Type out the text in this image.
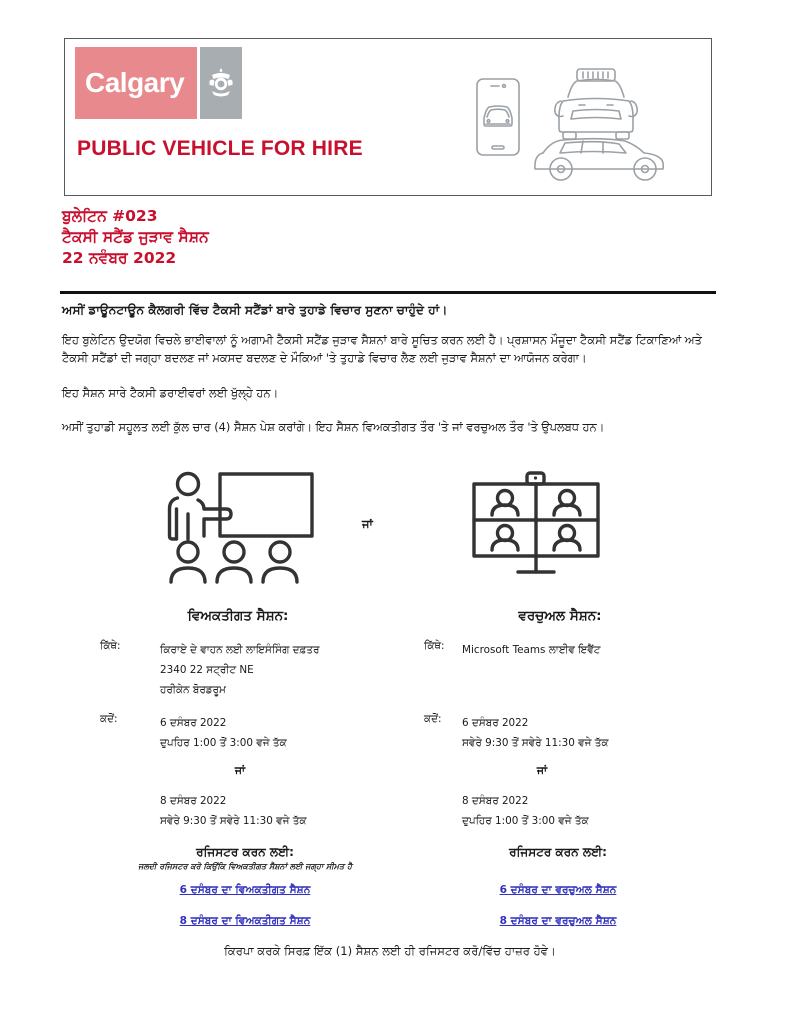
Calgary
PUBLIC VEHICLE FOR HIRE
ਬੁਲੇਟਿਨ #023
ਟੈਕਸੀ ਸਟੈਂਡ ਜੁੜਾਵ ਸੈਸ਼ਨ
22 ਨਵੰਬਰ 2022
ਅਸੀਂ ਡਾਊਨਟਾਊਨ ਕੈਲਗਰੀ ਵਿੱਚ ਟੈਕਸੀ ਸਟੈਂਡਾਂ ਬਾਰੇ ਤੁਹਾਡੇ ਵਿਚਾਰ ਸੁਣਨਾ ਚਾਹੁੰਦੇ ਹਾਂ।
ਇਹ ਬੁਲੇਟਿਨ ਉਦਯੋਗ ਵਿਚਲੇ ਭਾਈਵਾਲਾਂ ਨੂੰ ਅਗਾਮੀ ਟੈਕਸੀ ਸਟੈਂਡ ਜੁੜਾਵ ਸੈਸ਼ਨਾਂ ਬਾਰੇ ਸੂਚਿਤ ਕਰਨ ਲਈ ਹੈ। ਪ੍ਰਸ਼ਾਸਨ ਮੌਜੂਦਾ ਟੈਕਸੀ ਸਟੈਂਡ ਟਿਕਾਣਿਆਂ ਅਤੇ ਟੈਕਸੀ ਸਟੈਂਡਾਂ ਦੀ ਜਗ੍ਹਾ ਬਦਲਣ ਜਾਂ ਮਕਸਦ ਬਦਲਣ ਦੇ ਮੌਕਿਆਂ 'ਤੇ ਤੁਹਾਡੇ ਵਿਚਾਰ ਲੈਣ ਲਈ ਜੁੜਾਵ ਸੈਸ਼ਨਾਂ ਦਾ ਆਯੋਜਨ ਕਰੇਗਾ।
ਇਹ ਸੈਸ਼ਨ ਸਾਰੇ ਟੈਕਸੀ ਡਰਾਈਵਰਾਂ ਲਈ ਖੁੱਲ੍ਹੇ ਹਨ।
ਅਸੀਂ ਤੁਹਾਡੀ ਸਹੂਲਤ ਲਈ ਕੁੱਲ ਚਾਰ (4) ਸੈਸ਼ਨ ਪੇਸ਼ ਕਰਾਂਗੇ। ਇਹ ਸੈਸ਼ਨ ਵਿਅਕਤੀਗਤ ਤੌਰ 'ਤੇ ਜਾਂ ਵਰਚੁਅਲ ਤੌਰ 'ਤੇ ਉਪਲਬਧ ਹਨ।
ਜਾਂ
ਵਿਅਕਤੀਗਤ ਸੈਸ਼ਨ:	ਵਰਚੁਅਲ ਸੈਸ਼ਨ:
ਕਿੱਥੇ:	ਕਿਰਾਏ ਦੇ ਵਾਹਨ ਲਈ ਲਾਇਸੰਸਿੰਗ ਦਫ਼ਤਰ
2340 22 ਸਟ੍ਰੀਟ NE
ਹਰੀਕੇਨ ਬੋਰਡਰੂਮ
ਕਦੋਂ:	6 ਦਸੰਬਰ 2022
ਦੁਪਹਿਰ 1:00 ਤੋਂ 3:00 ਵਜੇ ਤੱਕ
ਜਾਂ
8 ਦਸੰਬਰ 2022
ਸਵੇਰੇ 9:30 ਤੋਂ ਸਵੇਰੇ 11:30 ਵਜੇ ਤੱਕ
ਕਿੱਥੇ: Microsoft Teams ਲਾਈਵ ਇਵੈਂਟ
ਕਦੋਂ: 6 ਦਸੰਬਰ 2022
ਸਵੇਰੇ 9:30 ਤੋਂ ਸਵੇਰੇ 11:30 ਵਜੇ ਤੱਕ
ਜਾਂ
8 ਦਸੰਬਰ 2022
ਦੁਪਹਿਰ 1:00 ਤੋਂ 3:00 ਵਜੇ ਤੱਕ
ਰਜਿਸਟਰ ਕਰਨ ਲਈ:
ਜਲਦੀ ਰਜਿਸਟਰ ਕਰੋ ਕਿਉਂਕਿ ਵਿਅਕਤੀਗਤ ਸੈਸ਼ਨਾਂ ਲਈ ਜਗ੍ਹਾ ਸੀਮਤ ਹੈ
6 ਦਸੰਬਰ ਦਾ ਵਿਅਕਤੀਗਤ ਸੈਸ਼ਨ
8 ਦਸੰਬਰ ਦਾ ਵਿਅਕਤੀਗਤ ਸੈਸ਼ਨ
ਰਜਿਸਟਰ ਕਰਨ ਲਈ:
6 ਦਸੰਬਰ ਦਾ ਵਰਚੁਅਲ ਸੈਸ਼ਨ
8 ਦਸੰਬਰ ਦਾ ਵਰਚੁਅਲ ਸੈਸ਼ਨ
ਕਿਰਪਾ ਕਰਕੇ ਸਿਰਫ਼ ਇੱਕ (1) ਸੈਸ਼ਨ ਲਈ ਹੀ ਰਜਿਸਟਰ ਕਰੋ/ਵਿੱਚ ਹਾਜ਼ਰ ਹੋਵੇ।
